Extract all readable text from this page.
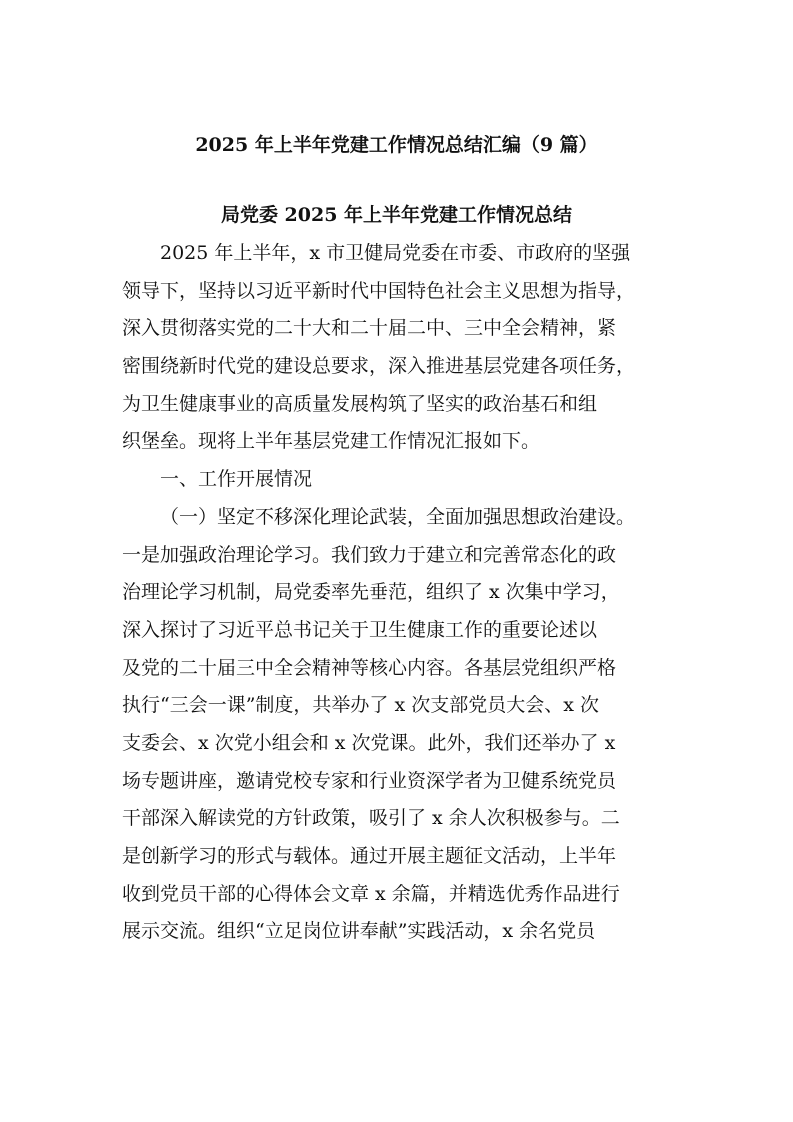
2025 年上半年党建工作情况总结汇编（9 篇）
局党委 2025 年上半年党建工作情况总结
2025 年上半年，x 市卫健局党委在市委、市政府的坚强
领导下，坚持以习近平新时代中国特色社会主义思想为指导，
深入贯彻落实党的二十大和二十届二中、三中全会精神，紧
密围绕新时代党的建设总要求，深入推进基层党建各项任务，
为卫生健康事业的高质量发展构筑了坚实的政治基石和组
织堡垒。现将上半年基层党建工作情况汇报如下。
一、工作开展情况
（一）坚定不移深化理论武装，全面加强思想政治建设。
一是加强政治理论学习。我们致力于建立和完善常态化的政
治理论学习机制，局党委率先垂范，组织了 x 次集中学习，
深入探讨了习近平总书记关于卫生健康工作的重要论述以
及党的二十届三中全会精神等核心内容。各基层党组织严格
执行“三会一课”制度，共举办了 x 次支部党员大会、x 次
支委会、x 次党小组会和 x 次党课。此外，我们还举办了 x
场专题讲座，邀请党校专家和行业资深学者为卫健系统党员
干部深入解读党的方针政策，吸引了 x 余人次积极参与。二
是创新学习的形式与载体。通过开展主题征文活动，上半年
收到党员干部的心得体会文章 x 余篇，并精选优秀作品进行
展示交流。组织“立足岗位讲奉献”实践活动，x 余名党员
